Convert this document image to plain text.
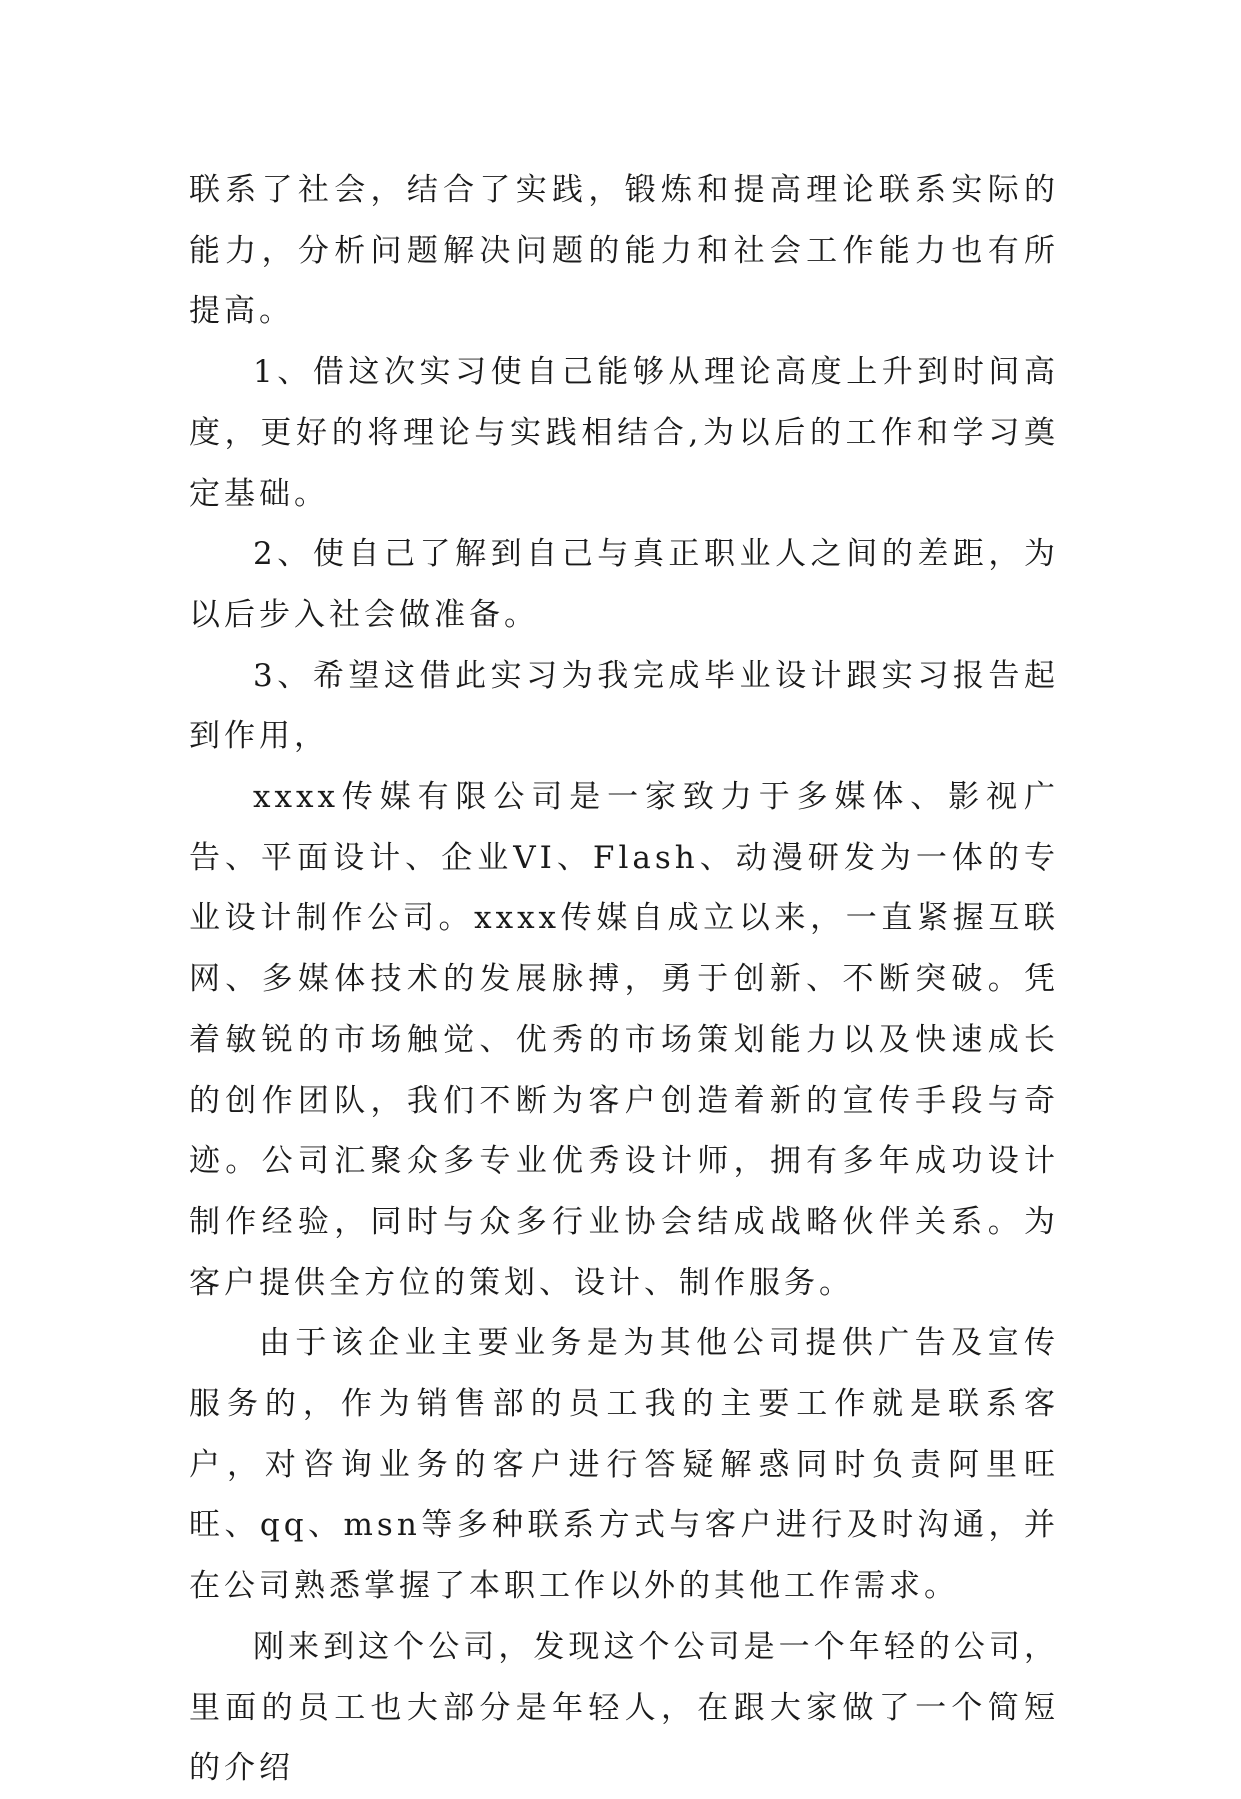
联系了社会，结合了实践，锻炼和提高理论联系实际的能力，分析问题解决问题的能力和社会工作能力也有所提高。

1、借这次实习使自己能够从理论高度上升到时间高度，更好的将理论与实践相结合,为以后的工作和学习奠定基础。

2、使自己了解到自己与真正职业人之间的差距，为以后步入社会做准备。

3、希望这借此实习为我完成毕业设计跟实习报告起到作用，

xxxx传媒有限公司是一家致力于多媒体、影视广告、平面设计、企业VI、Flash、动漫研发为一体的专业设计制作公司。xxxx传媒自成立以来，一直紧握互联网、多媒体技术的发展脉搏，勇于创新、不断突破。凭着敏锐的市场触觉、优秀的市场策划能力以及快速成长的创作团队，我们不断为客户创造着新的宣传手段与奇迹。公司汇聚众多专业优秀设计师，拥有多年成功设计制作经验，同时与众多行业协会结成战略伙伴关系。为客户提供全方位的策划、设计、制作服务。

由于该企业主要业务是为其他公司提供广告及宣传服务的，作为销售部的员工我的主要工作就是联系客户，对咨询业务的客户进行答疑解惑同时负责阿里旺旺、qq、msn等多种联系方式与客户进行及时沟通，并在公司熟悉掌握了本职工作以外的其他工作需求。

刚来到这个公司，发现这个公司是一个年轻的公司，里面的员工也大部分是年轻人，在跟大家做了一个简短的介绍
